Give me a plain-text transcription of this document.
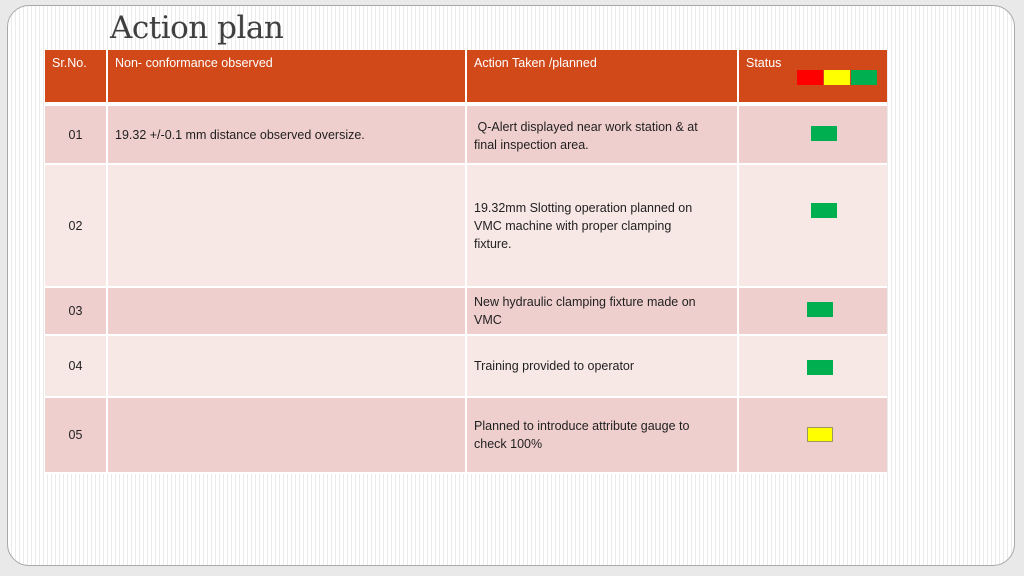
Action plan
Sr.No.	Non- conformance observed	Action Taken /planned	Status

01	19.32 +/-0.1 mm distance observed oversize.	Q-Alert displayed near work station & at
final inspection area.	

02		19.32mm Slotting operation planned on
VMC machine with proper clamping
fixture.	

03		New hydraulic clamping fixture made on
VMC	

04		Training provided to operator	

05		Planned to introduce attribute gauge to
check 100%	
